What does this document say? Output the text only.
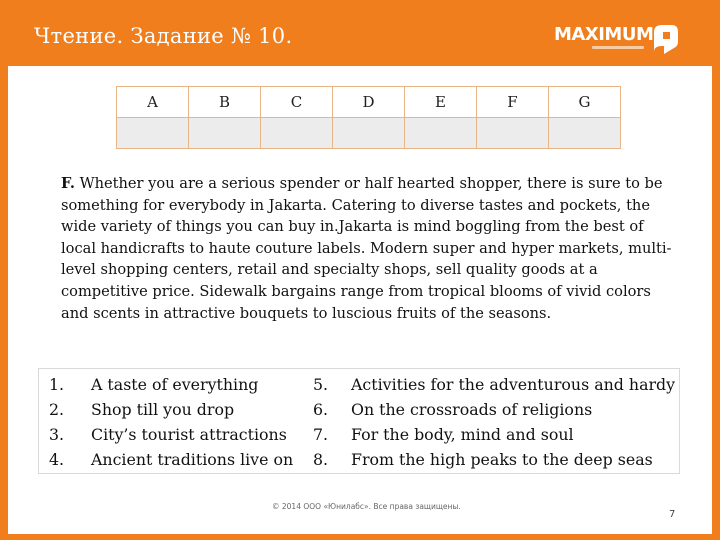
Чтение. Задание № 10.	MAXIMUM
A	B	C	D	E	F	G

F. Whether you are a serious spender or half hearted shopper, there is sure to be something for everybody in Jakarta. Catering to diverse tastes and pockets, the wide variety of things you can buy in.Jakarta is mind boggling from the best of local handicrafts to haute couture labels. Modern super and hyper markets, multi-level shopping centers, retail and specialty shops, sell quality goods at a competitive price. Sidewalk bargains range from tropical blooms of vivid colors and scents in attractive bouquets to luscious fruits of the seasons.
1.	A taste of everything
2.	Shop till you drop
3.	City’s tourist attractions
4.	Ancient traditions live on
5.	Activities for the adventurous and hardy
6.	On the crossroads of religions
7.	For the body, mind and soul
8.	From the high peaks to the deep seas
© 2014 ООО «Юнилабс». Все права защищены.
7
